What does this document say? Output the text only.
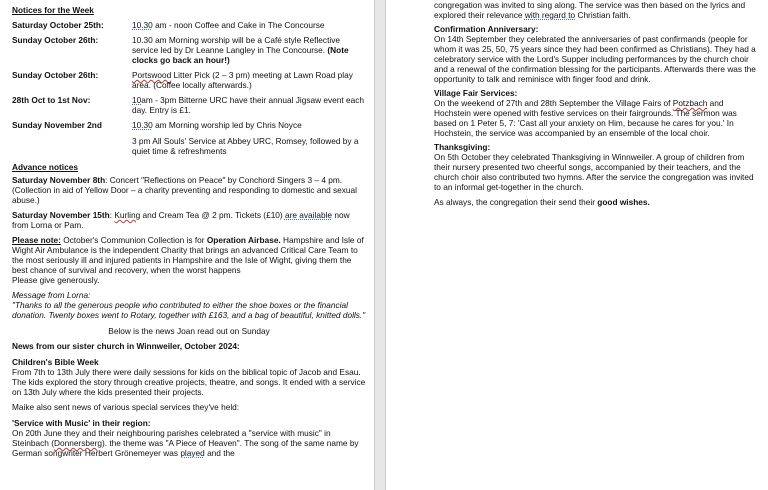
Notices for the Week

Saturday October 25th:	10.30 am - noon Coffee and Cake in The Concourse
Sunday October 26th:	10.30 am Morning worship will be a Café style Reflective service led by Dr Leanne Langley in The Concourse. (Note clocks go back an hour!)
Sunday October 26th:	Portswood Litter Pick (2 – 3 pm) meeting at Lawn Road play area. (Coffee locally afterwards.)
28th Oct to 1st Nov:	10am - 3pm Bitterne URC have their annual Jigsaw event each day. Entry is £1.
Sunday November 2nd	10.30 am Morning worship led by Chris Noyce

3 pm All Souls' Service at Abbey URC, Romsey, followed by a quiet time & refreshments

Advance notices

Saturday November 8th: Concert "Reflections on Peace" by Conchord Singers 3 – 4 pm. (Collection in aid of Yellow Door – a charity preventing and responding to domestic and sexual abuse.)

Saturday November 15th: Kurling and Cream Tea @ 2 pm. Tickets (£10) are available now from Lorna or Pam.

Please note: October's Communion Collection is for Operation Airbase. Hampshire and Isle of Wight Air Ambulance is the independent Charity that brings an advanced Critical Care Team to the most seriously ill and injured patients in Hampshire and the Isle of Wight, giving them the best chance of survival and recovery, when the worst happens

Please give generously.

Message from Lorna:

"Thanks to all the generous people who contributed to either the shoe boxes or the financial donation. Twenty boxes went to Rotary, together with £163, and a bag of beautiful, knitted dolls."

Below is the news Joan read out on Sunday

News from our sister church in Winnweiler, October 2024:

Children's Bible Week

From 7th to 13th July there were daily sessions for kids on the biblical topic of Jacob and Esau. The kids explored the story through creative projects, theatre, and songs. It ended with a service on 13th July where the kids presented their projects.

Maike also sent news of various special services they've held:

'Service with Music' in their region:

On 20th June they and their neighbouring parishes celebrated a "service with music" in Steinbach (Donnersberg). the theme was "A Piece of Heaven". The song of the same name by German songwriter Herbert Grönemeyer was played and the

congregation was invited to sing along. The service was then based on the lyrics and explored their relevance with regard to Christian faith.

Confirmation Anniversary:

On 14th September they celebrated the anniversaries of past confirmands (people for whom it was 25, 50, 75 years since they had been confirmed as Christians). They had a celebratory service with the Lord's Supper including performances by the church choir and a renewal of the confirmation blessing for the participants. Afterwards there was the opportunity to talk and reminisce with finger food and drink.

Village Fair Services:

On the weekend of 27th and 28th September the Village Fairs of Potzbach and Hochstein were opened with festive services on their fairgrounds. The sermon was based on 1 Peter 5, 7: 'Cast all your anxiety on Him, because he cares for you.' In Hochstein, the service was accompanied by an ensemble of the local choir.

Thanksgiving:

On 5th October they celebrated Thanksgiving in Winnweiler. A group of children from their nursery presented two cheerful songs, accompanied by their teachers, and the church choir also contributed two hymns. After the service the congregation was invited to an informal get-together in the church.

As always, the congregation their send their good wishes.
